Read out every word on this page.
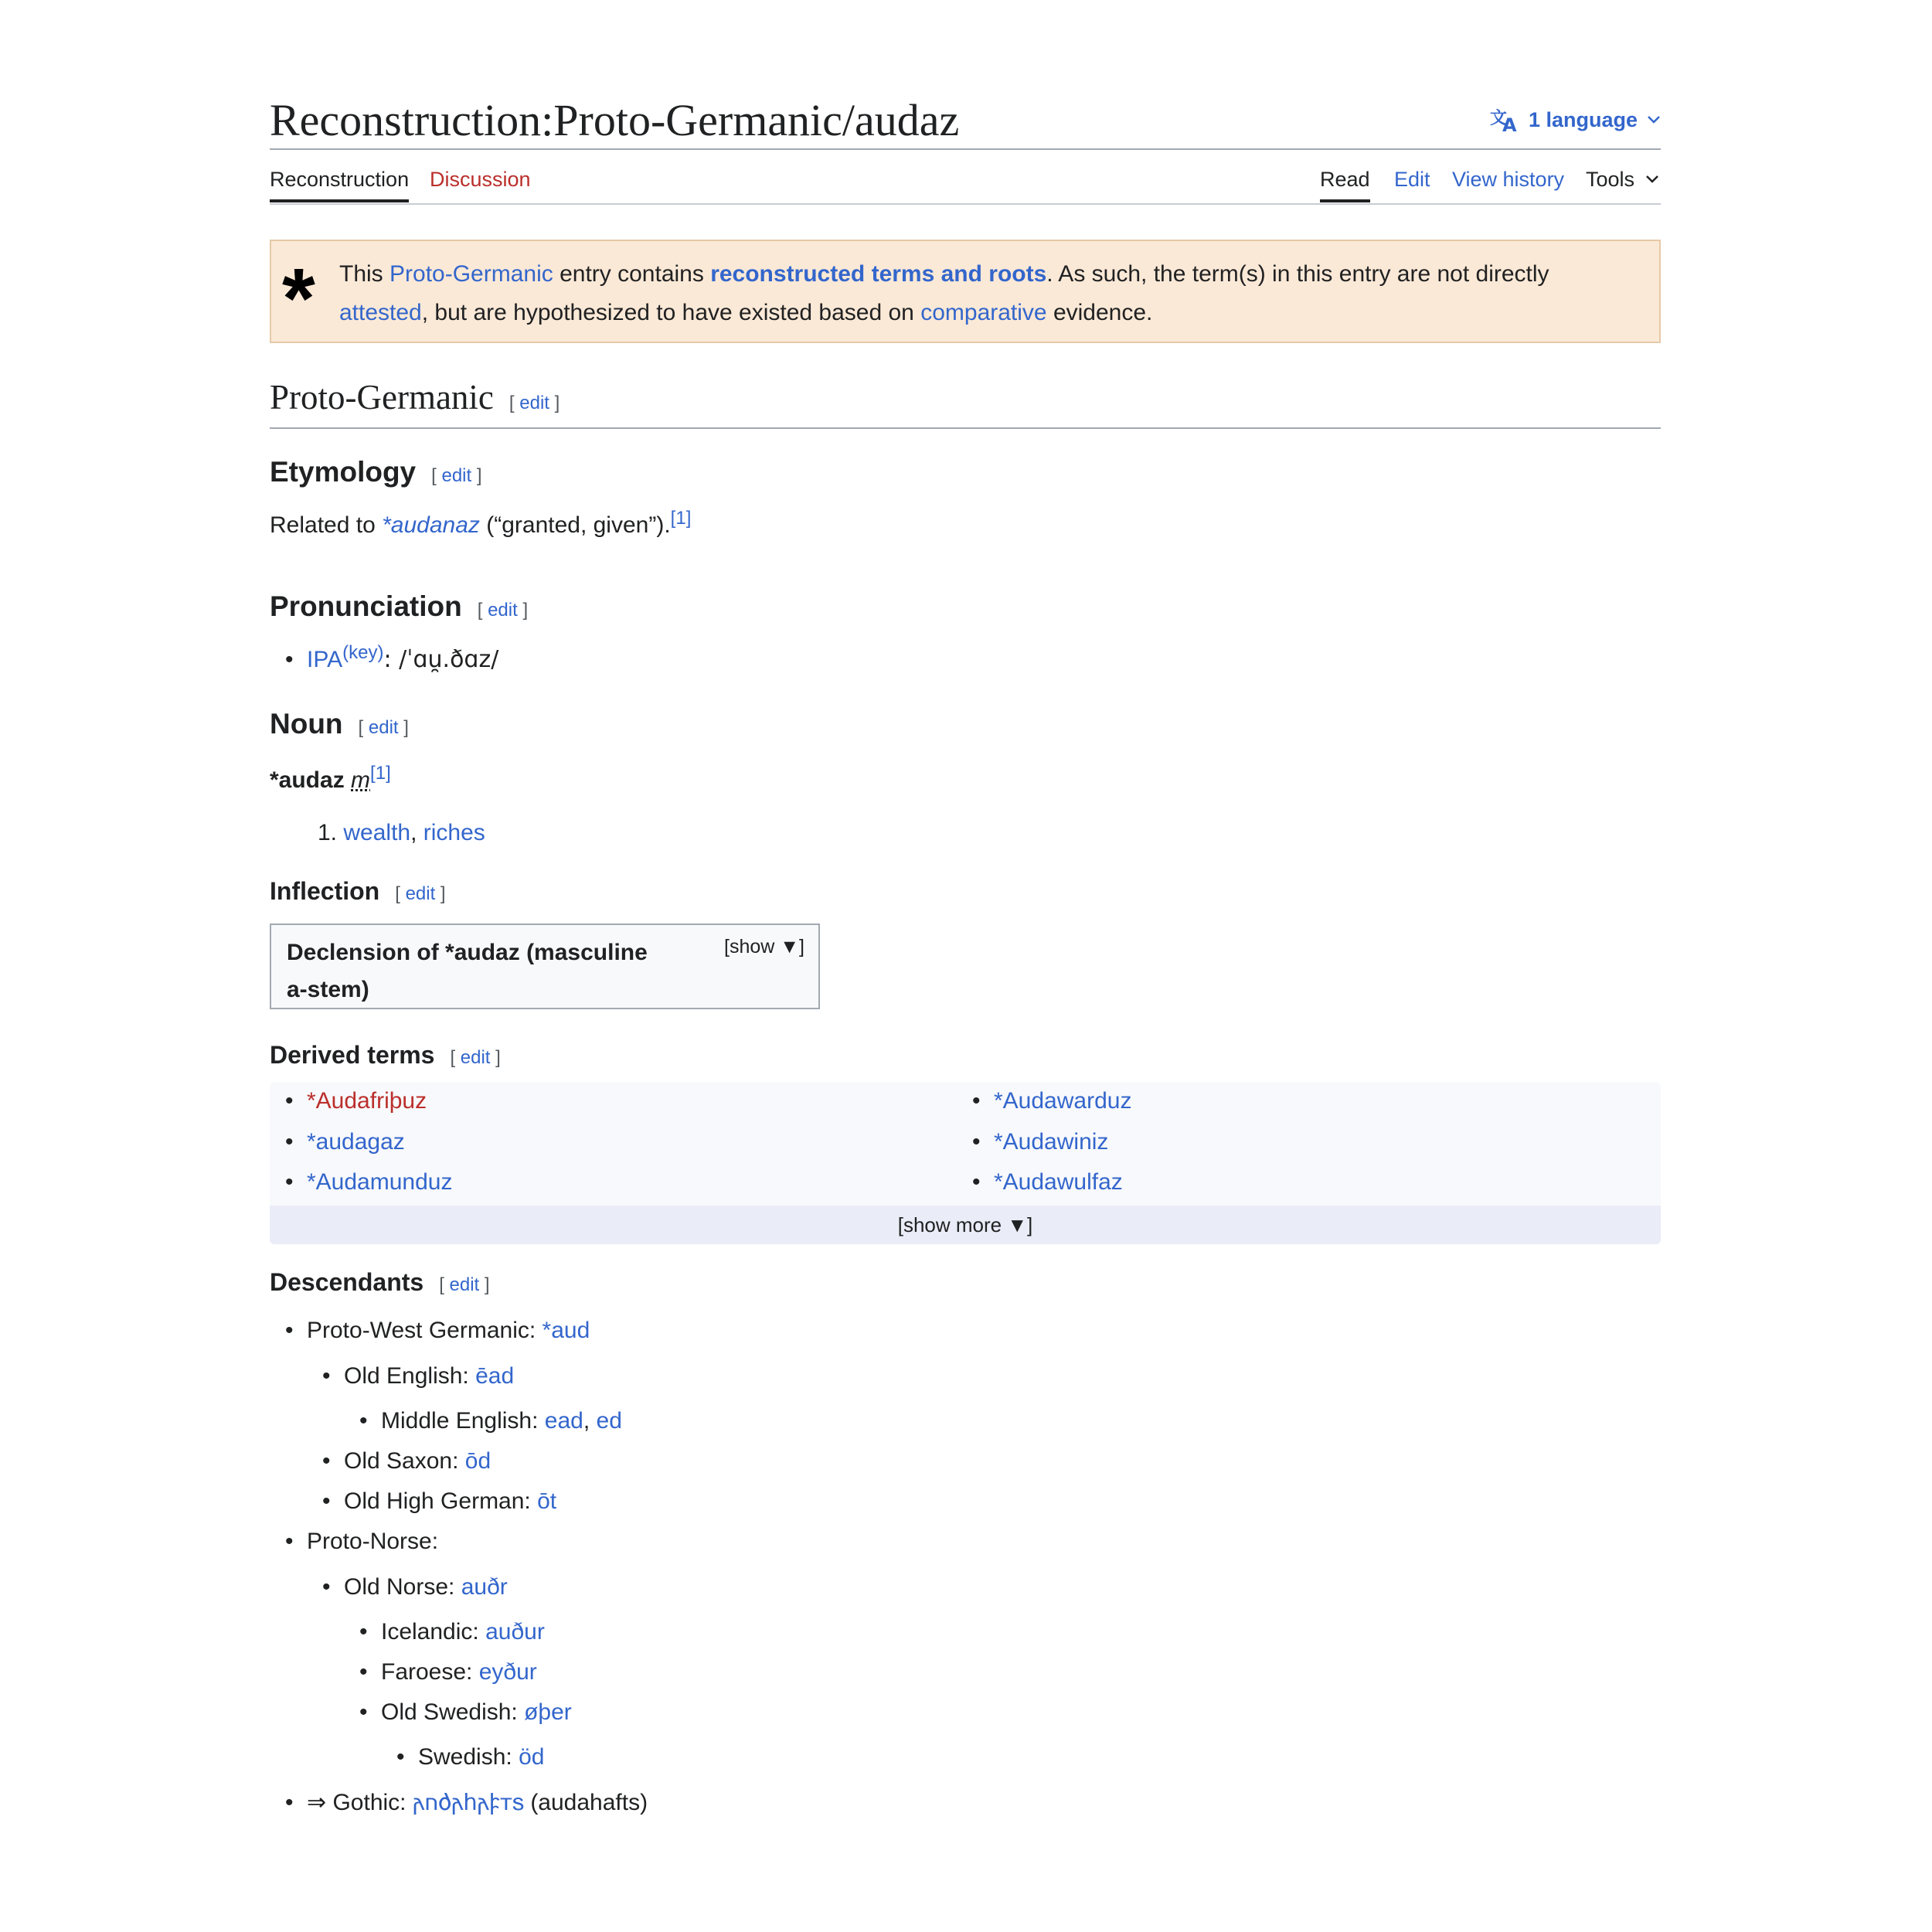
Reconstruction:Proto-Germanic/audaz	文
A 1 language
Reconstruction Discussion	Read Edit View history Tools
* This Proto-Germanic entry contains reconstructed terms and roots. As such, the term(s) in this entry are not directly attested, but are hypothesized to have existed based on comparative evidence.
Proto-Germanic [ edit ]
Etymology [ edit ]
Related to *audanaz (“granted, given”).[1]
Pronunciation [ edit ]
• $IPA^{(key)}$: /ˈɑu̯.ðɑz/
Noun [ edit ]
*audaz m[1]
1. wealth, riches
Inflection [ edit ]
Declension of *audaz (masculine a-stem)
[show ▼]
Derived terms [ edit ]
• *Audafriþuz
• *audagaz
• *Audamunduz
• *Audawarduz
• *Audawiniz
• *Audawulfaz
[show more ▼]
Descendants [ edit ]
• Proto-West Germanic: *aud
• Old English: ēad
• Middle English: ead, ed
• Old Saxon: ōd
• Old High German: ōt
• Proto-Norse:
• Old Norse: auðr
• Icelandic: auður
• Faroese: eyður
• Old Swedish: øþer
• Swedish: öd
• ⇒ Gothic: 𐌰𐌿𐌳𐌰𐌷𐌰𐍆𐍄𐍃 (audahafts)
